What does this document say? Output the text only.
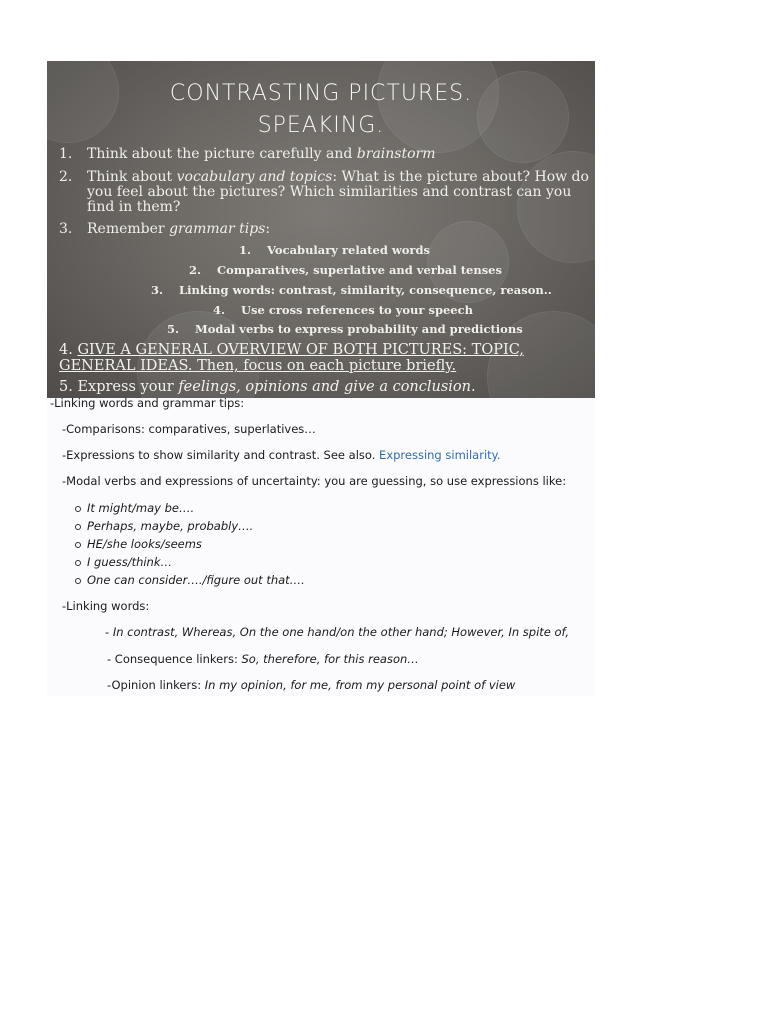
CONTRASTING PICTURES.
SPEAKING.
1. Think about the picture carefully and brainstorm
2. Think about vocabulary and topics: What is the picture about? How do
you feel about the pictures? Which similarities and contrast can you
find in them?
3. Remember grammar tips:
1. Vocabulary related words
2. Comparatives, superlative and verbal tenses
3. Linking words: contrast, similarity, consequence, reason..
4. Use cross references to your speech
5. Modal verbs to express probability and predictions
4. GIVE A GENERAL OVERVIEW OF BOTH PICTURES: TOPIC,
GENERAL IDEAS. Then, focus on each picture briefly.
5. Express your feelings, opinions and give a conclusion.
-Linking words and grammar tips:
-Comparisons: comparatives, superlatives…
-Expressions to show similarity and contrast. See also. Expressing similarity.
-Modal verbs and expressions of uncertainty: you are guessing, so use expressions like:
It might/may be….
Perhaps, maybe, probably….
HE/she looks/seems
I guess/think…
One can consider…./figure out that….
-Linking words:
- In contrast, Whereas, On the one hand/on the other hand; However, In spite of,
- Consequence linkers: So, therefore, for this reason…
-Opinion linkers: In my opinion, for me, from my personal point of view
